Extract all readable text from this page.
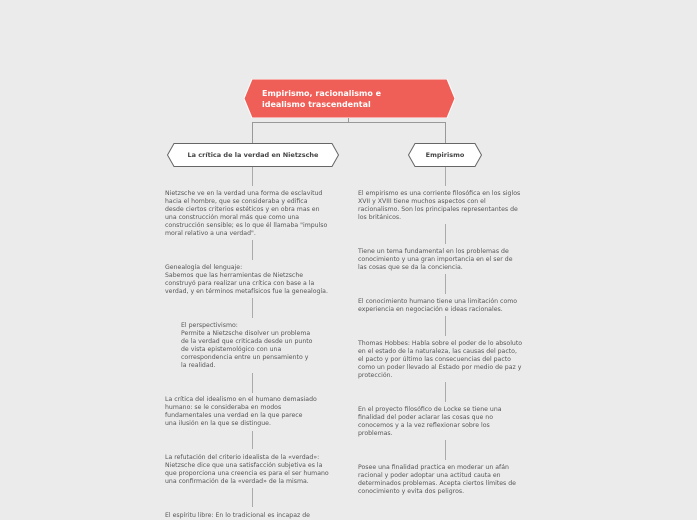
Empirismo, racionalismo e
idealismo trascendental
La crítica de la verdad en Nietzsche	Empirismo
Nietzsche ve en la verdad una forma de esclavitud
hacia el hombre, que se consideraba y edifica
desde ciertos criterios estéticos y en obra mas en
una construcción moral más que como una
construcción sensible; es lo que él llamaba "impulso
moral relativo a una verdad".
Genealogía del lenguaje:
Sabemos que las herramientas de Nietzsche
construyó para realizar una crítica con base a la
verdad, y en términos metafísicos fue la genealogía.
El perspectivismo:
Permite a Nietzsche disolver un problema
de la verdad que criticada desde un punto
de vista epistemológico con una
correspondencia entre un pensamiento y
la realidad.
La crítica del idealismo en el humano demasiado
humano: se le consideraba en modos
fundamentales una verdad en la que parece
una ilusión en la que se distingue.
La refutación del criterio idealista de la «verdad»:
Nietzsche dice que una satisfacción subjetiva es la
que proporciona una creencia es para el ser humano
una confirmación de la «verdad» de la misma.
El espíritu libre: En lo tradicional es incapaz de
El empirismo es una corriente filosófica en los siglos
XVII y XVIII tiene muchos aspectos con el
racionalismo. Son los principales representantes de
los británicos.
Tiene un tema fundamental en los problemas de
conocimiento y una gran importancia en el ser de
las cosas que se da la conciencia.
El conocimiento humano tiene una limitación como
experiencia en negociación e ideas racionales.
Thomas Hobbes: Habla sobre el poder de lo absoluto
en el estado de la naturaleza, las causas del pacto,
el pacto y por último las consecuencias del pacto
como un poder llevado al Estado por medio de paz y
protección.
En el proyecto filosófico de Locke se tiene una
finalidad del poder aclarar las cosas que no
conocemos y a la vez reflexionar sobre los
problemas.
Posee una finalidad practica en moderar un afán
racional y poder adoptar una actitud cauta en
determinados problemas. Acepta ciertos límites de
conocimiento y evita dos peligros.
